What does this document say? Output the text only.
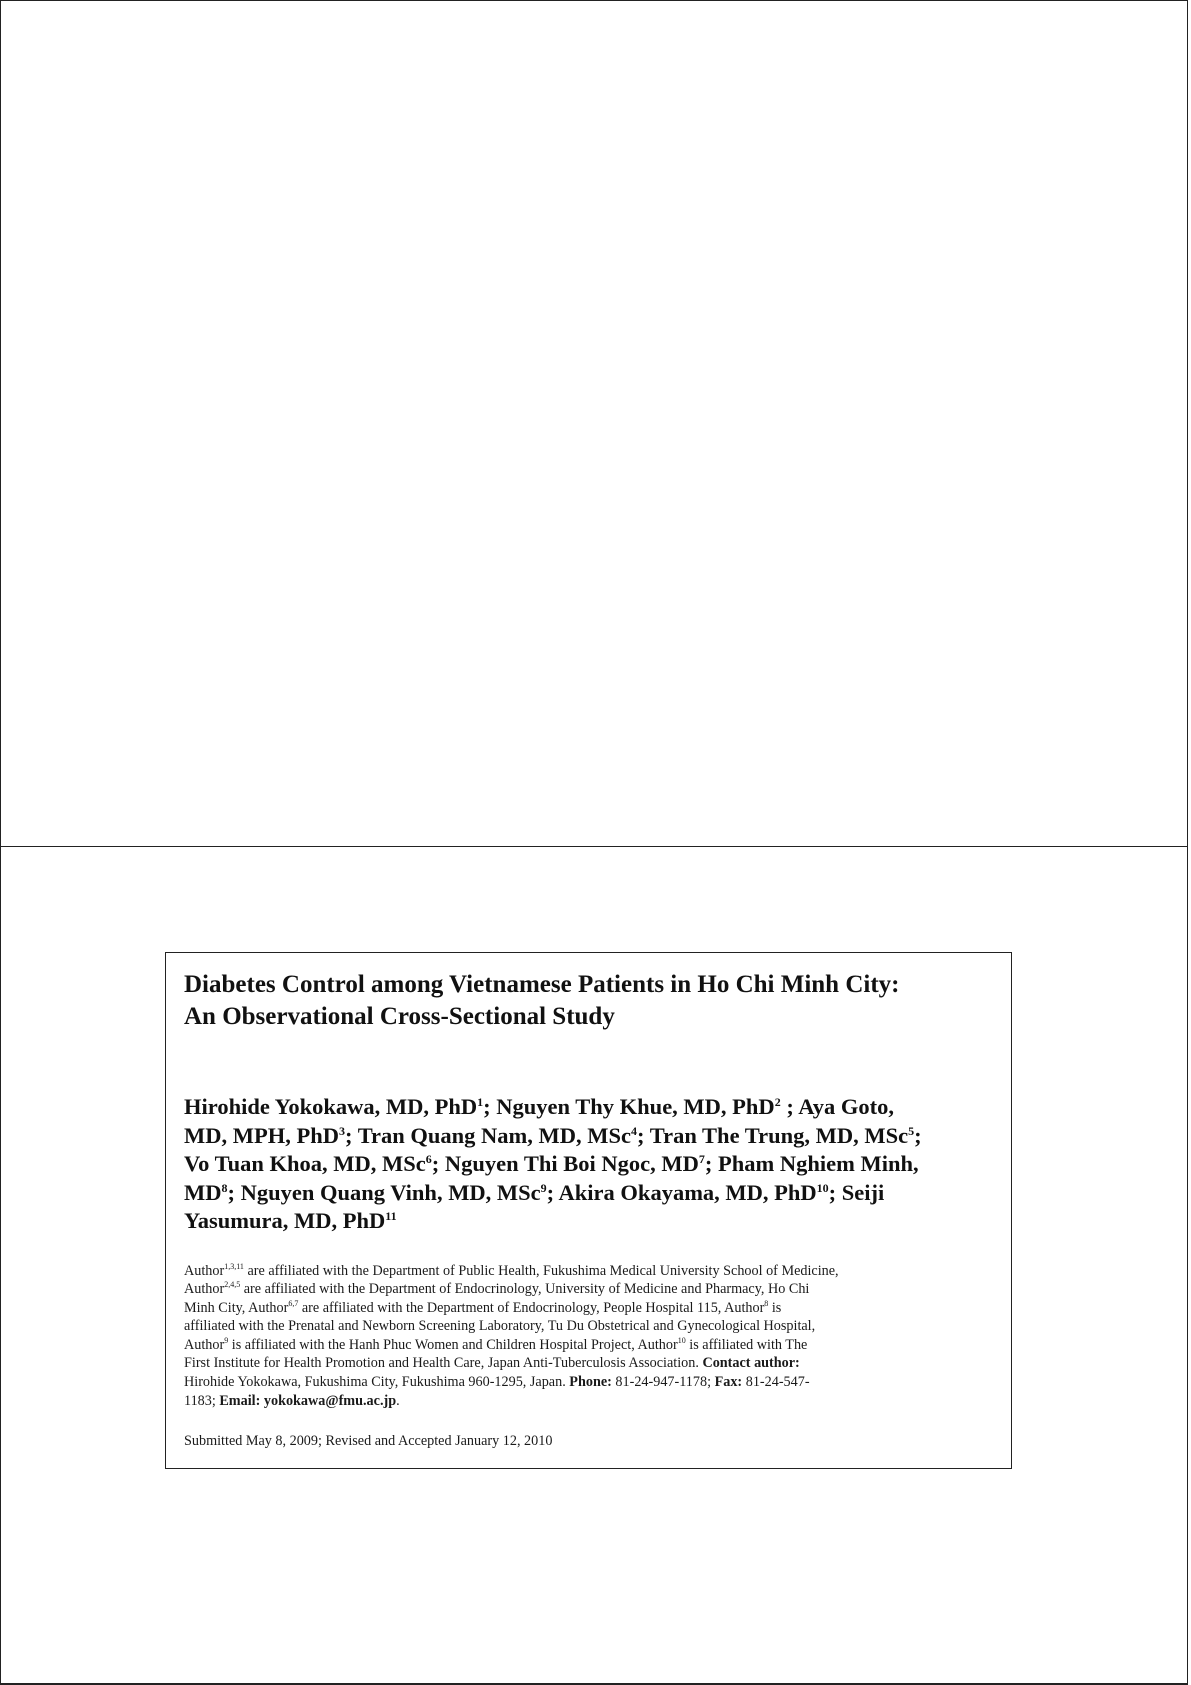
Diabetes Control among Vietnamese Patients in Ho Chi Minh City:
An Observational Cross-Sectional Study
Hirohide Yokokawa, MD, PhD$^1$; Nguyen Thy Khue, MD, PhD$^2$ ; Aya Goto,
MD, MPH, PhD$^3$; Tran Quang Nam, MD, MSc$^4$; Tran The Trung, MD, MSc$^5$;
Vo Tuan Khoa, MD, MSc$^6$; Nguyen Thi Boi Ngoc, $MD^7$; Pham Nghiem Minh,
$MD^8$; Nguyen Quang Vinh, MD, MSc$^9$; Akira Okayama, MD, PhD$^{10}$; Seiji
Yasumura, MD, PhD$^{11}$
Author$^{1,3,11}$ are affiliated with the Department of Public Health, Fukushima Medical University School of Medicine,
Author$^{2,4,5}$ are affiliated with the Department of Endocrinology, University of Medicine and Pharmacy, Ho Chi
Minh City, Author$^{6,7}$ are affiliated with the Department of Endocrinology, People Hospital 115, Author$^8$ is
affiliated with the Prenatal and Newborn Screening Laboratory, Tu Du Obstetrical and Gynecological Hospital,
Author$^9$ is affiliated with the Hanh Phuc Women and Children Hospital Project, Author$^{10}$ is affiliated with The
First Institute for Health Promotion and Health Care, Japan Anti-Tuberculosis Association. Contact author:
Hirohide Yokokawa, Fukushima City, Fukushima 960-1295, Japan. Phone: 81-24-947-1178; Fax: 81-24-547-
1183; Email: yokokawa@fmu.ac.jp.
Submitted May 8, 2009; Revised and Accepted January 12, 2010
